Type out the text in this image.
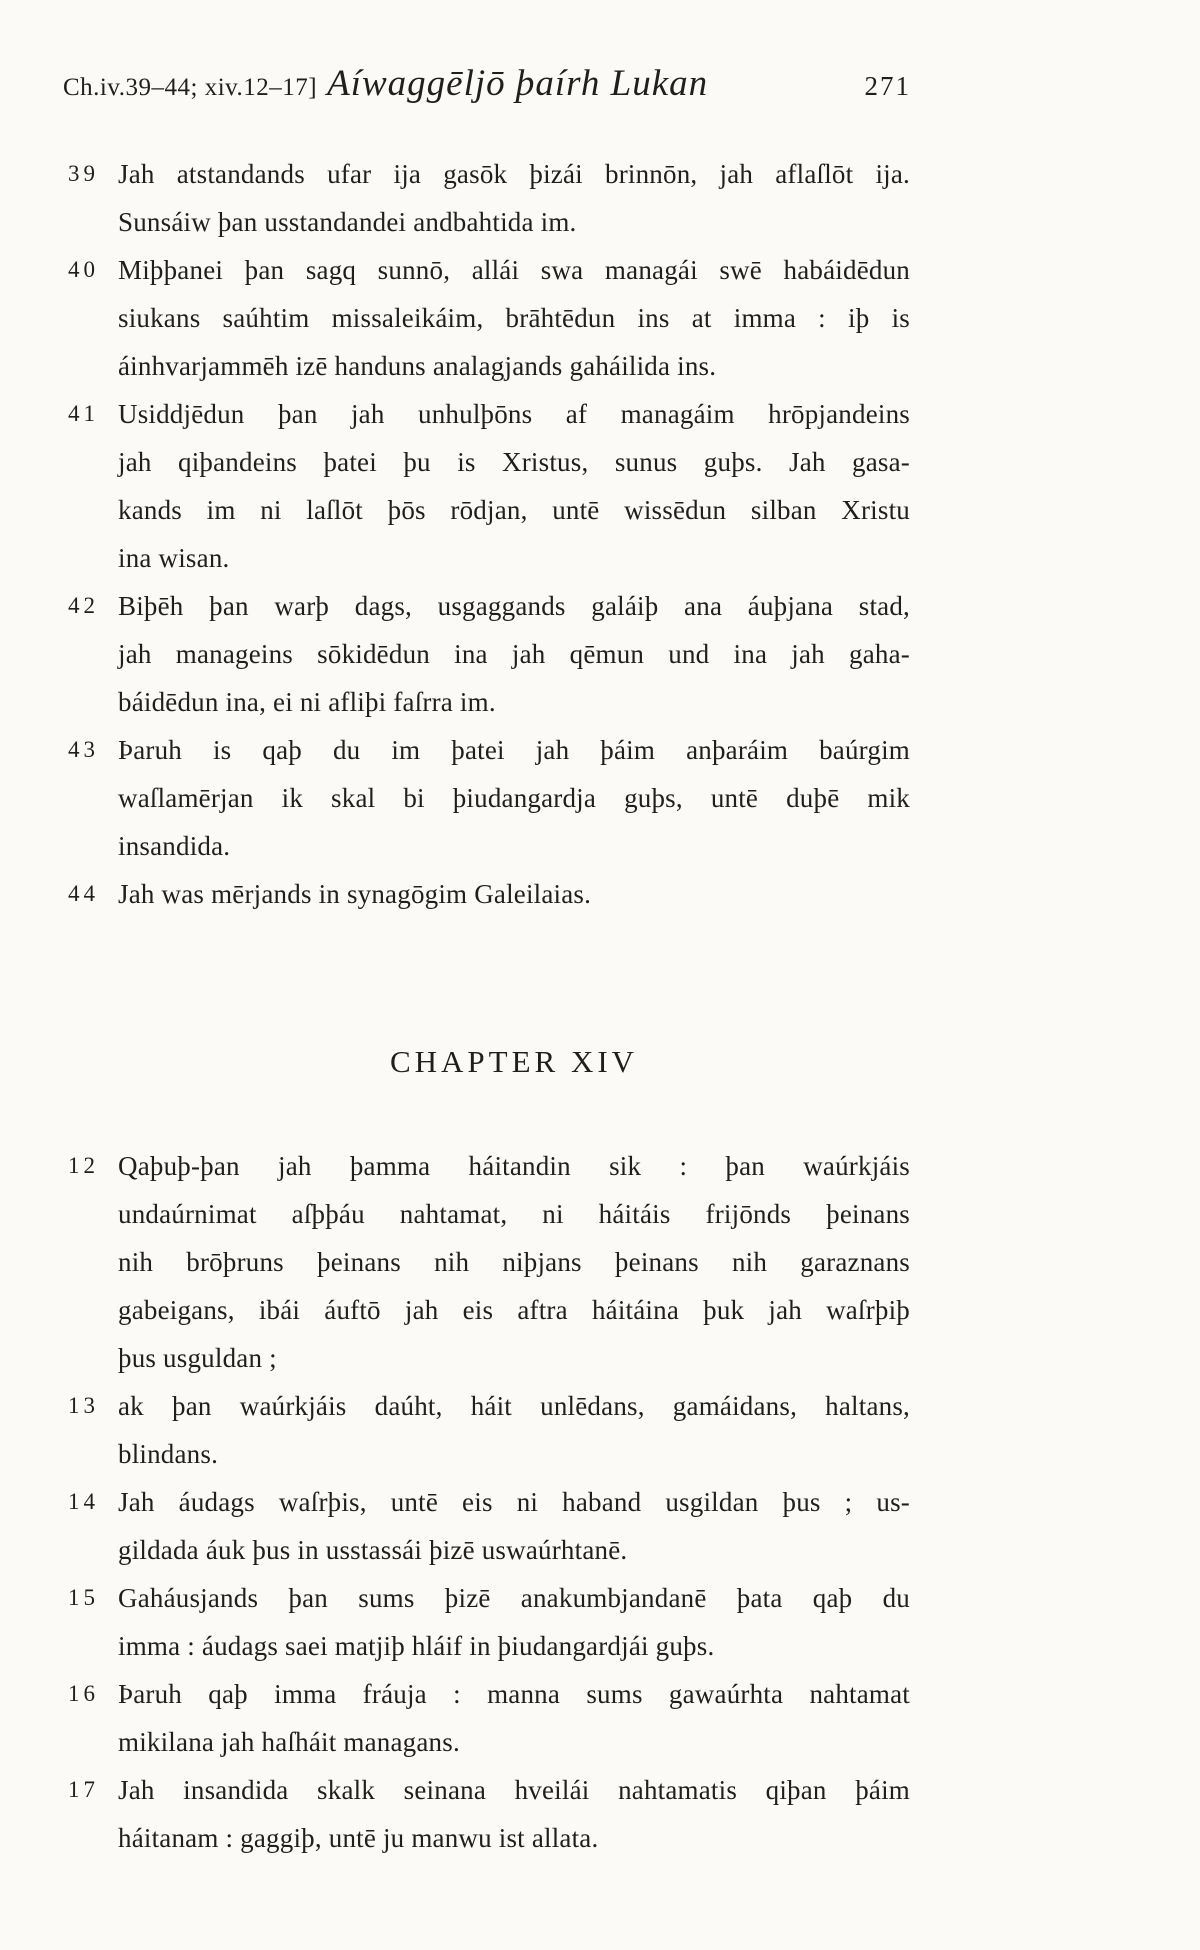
Ch.iv.39–44; xiv.12–17] Aíwaggēljō þaírh Lukan	271
39 Jah atstandands ufar ija gasōk þizái brinnōn, jah aflaſlōt ija.
Sunsáiw þan usstandandei andbahtida im.
40 Miþþanei þan sagq sunnō, allái swa managái swē habáidēdun
siukans saúhtim missaleikáim, brāhtēdun ins at imma : iþ is
áinhvarjammēh izē handuns analagjands gaháilida ins.
41 Usiddjēdun þan jah unhulþōns af managáim hrōpjandeins
jah qiþandeins þatei þu is Xristus, sunus guþs. Jah gasa-
kands im ni laſlōt þōs rōdjan, untē wissēdun silban Xristu
ina wisan.
42 Biþēh þan warþ dags, usgaggands galáiþ ana áuþjana stad,
jah manageins sōkidēdun ina jah qēmun und ina jah gaha-
báidēdun ina, ei ni afliþi faſrra im.
43 Þaruh is qaþ du im þatei jah þáim anþaráim baúrgim
waſlamērjan ik skal bi þiudangardja guþs, untē duþē mik
insandida.
44 Jah was mērjands in synagōgim Galeilaias.
CHAPTER XIV
12 Qaþuþ-þan jah þamma háitandin sik : þan waúrkjáis
undaúrnimat aſþþáu nahtamat, ni háitáis frijōnds þeinans
nih brōþruns þeinans nih niþjans þeinans nih garaznans
gabeigans, ibái áuftō jah eis aftra háitáina þuk jah waſrþiþ
þus usguldan ;
13 ak þan waúrkjáis daúht, háit unlēdans, gamáidans, haltans,
blindans.
14 Jah áudags waſrþis, untē eis ni haband usgildan þus ; us-
gildada áuk þus in usstassái þizē uswaúrhtanē.
15 Gaháusjands þan sums þizē anakumbjandanē þata qaþ du
imma : áudags saei matjiþ hláif in þiudangardjái guþs.
16 Þaruh qaþ imma fráuja : manna sums gawaúrhta nahtamat
mikilana jah haſháit managans.
17 Jah insandida skalk seinana hveilái nahtamatis qiþan þáim
háitanam : gaggiþ, untē ju manwu ist allata.
